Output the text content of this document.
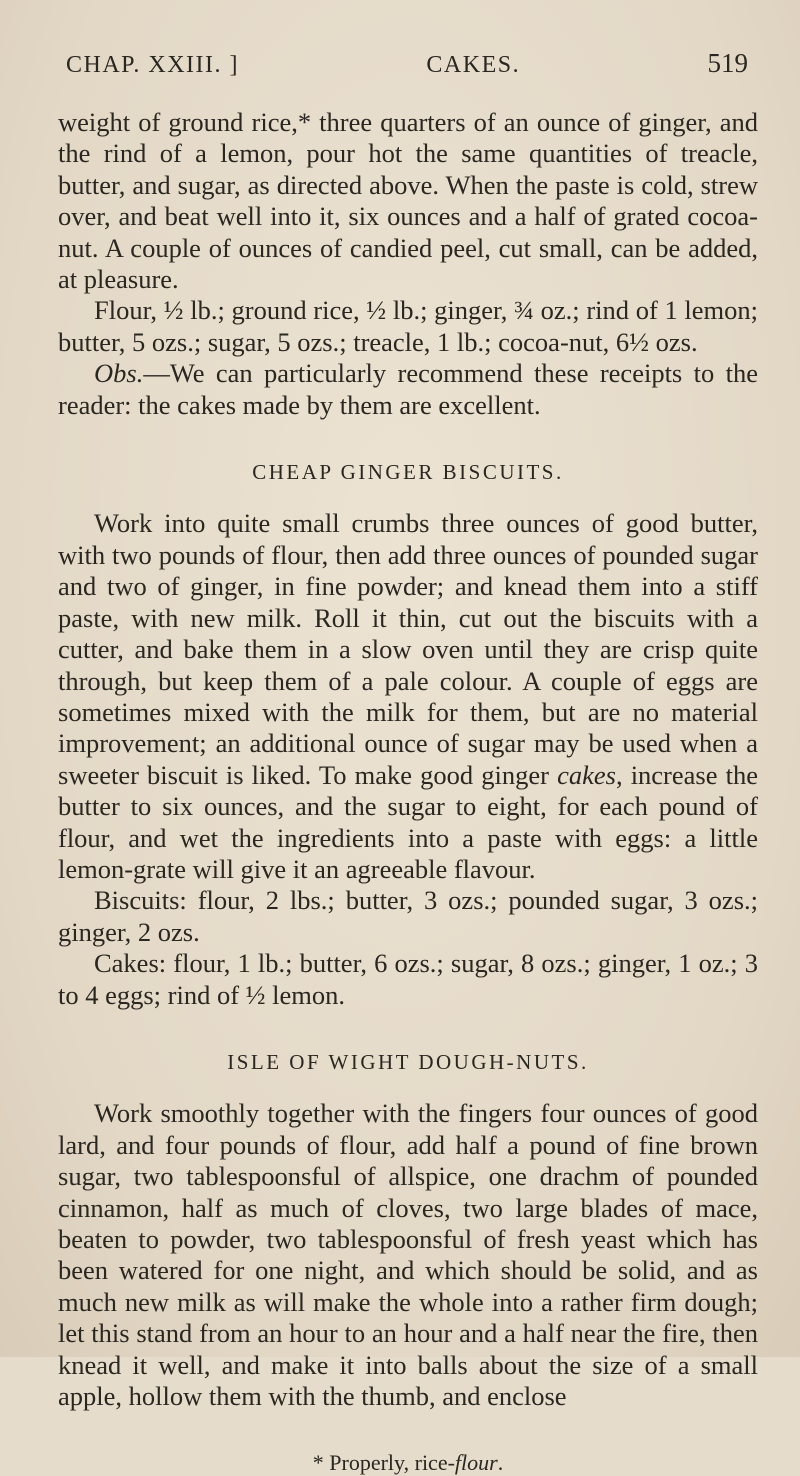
CHAP. XXIII. ]	CAKES.	519

weight of ground rice,* three quarters of an ounce of ginger, and the rind of a lemon, pour hot the same quantities of treacle, butter, and sugar, as directed above. When the paste is cold, strew over, and beat well into it, six ounces and a half of grated cocoa-nut. A couple of ounces of candied peel, cut small, can be added, at pleasure.

Flour, ½ lb.; ground rice, ½ lb.; ginger, ¾ oz.; rind of 1 lemon; butter, 5 ozs.; sugar, 5 ozs.; treacle, 1 lb.; cocoa-nut, 6½ ozs.

Obs.—We can particularly recommend these receipts to the reader: the cakes made by them are excellent.

CHEAP GINGER BISCUITS.

Work into quite small crumbs three ounces of good butter, with two pounds of flour, then add three ounces of pounded sugar and two of ginger, in fine powder; and knead them into a stiff paste, with new milk. Roll it thin, cut out the biscuits with a cutter, and bake them in a slow oven until they are crisp quite through, but keep them of a pale colour. A couple of eggs are sometimes mixed with the milk for them, but are no material improvement; an additional ounce of sugar may be used when a sweeter biscuit is liked. To make good ginger cakes, increase the butter to six ounces, and the sugar to eight, for each pound of flour, and wet the ingredients into a paste with eggs: a little lemon-grate will give it an agreeable flavour.

Biscuits: flour, 2 lbs.; butter, 3 ozs.; pounded sugar, 3 ozs.; ginger, 2 ozs.

Cakes: flour, 1 lb.; butter, 6 ozs.; sugar, 8 ozs.; ginger, 1 oz.; 3 to 4 eggs; rind of ½ lemon.

ISLE OF WIGHT DOUGH-NUTS.

Work smoothly together with the fingers four ounces of good lard, and four pounds of flour, add half a pound of fine brown sugar, two tablespoonsful of allspice, one drachm of pounded cinnamon, half as much of cloves, two large blades of mace, beaten to powder, two tablespoonsful of fresh yeast which has been watered for one night, and which should be solid, and as much new milk as will make the whole into a rather firm dough; let this stand from an hour to an hour and a half near the fire, then knead it well, and make it into balls about the size of a small apple, hollow them with the thumb, and enclose

* Properly, rice-flour.
